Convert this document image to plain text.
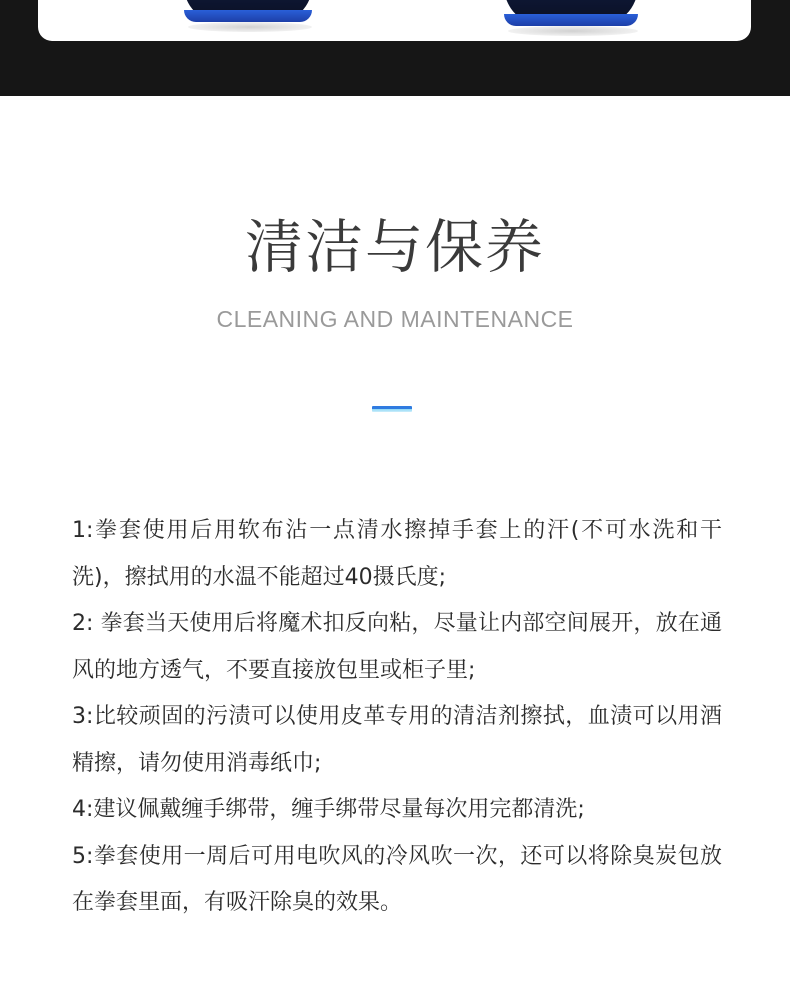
清洁与保养
CLEANING AND MAINTENANCE

1:拳套使用后用软布沾一点清水擦掉手套上的汗(不可水洗和干洗)，擦拭用的水温不能超过40摄氏度;

2: 拳套当天使用后将魔术扣反向粘，尽量让内部空间展开，放在通风的地方透气，不要直接放包里或柜子里;

3:比较顽固的污渍可以使用皮革专用的清洁剂擦拭，血渍可以用酒精擦，请勿使用消毒纸巾;

4:建议佩戴缠手绑带，缠手绑带尽量每次用完都清洗;

5:拳套使用一周后可用电吹风的冷风吹一次，还可以将除臭炭包放在拳套里面，有吸汗除臭的效果。
